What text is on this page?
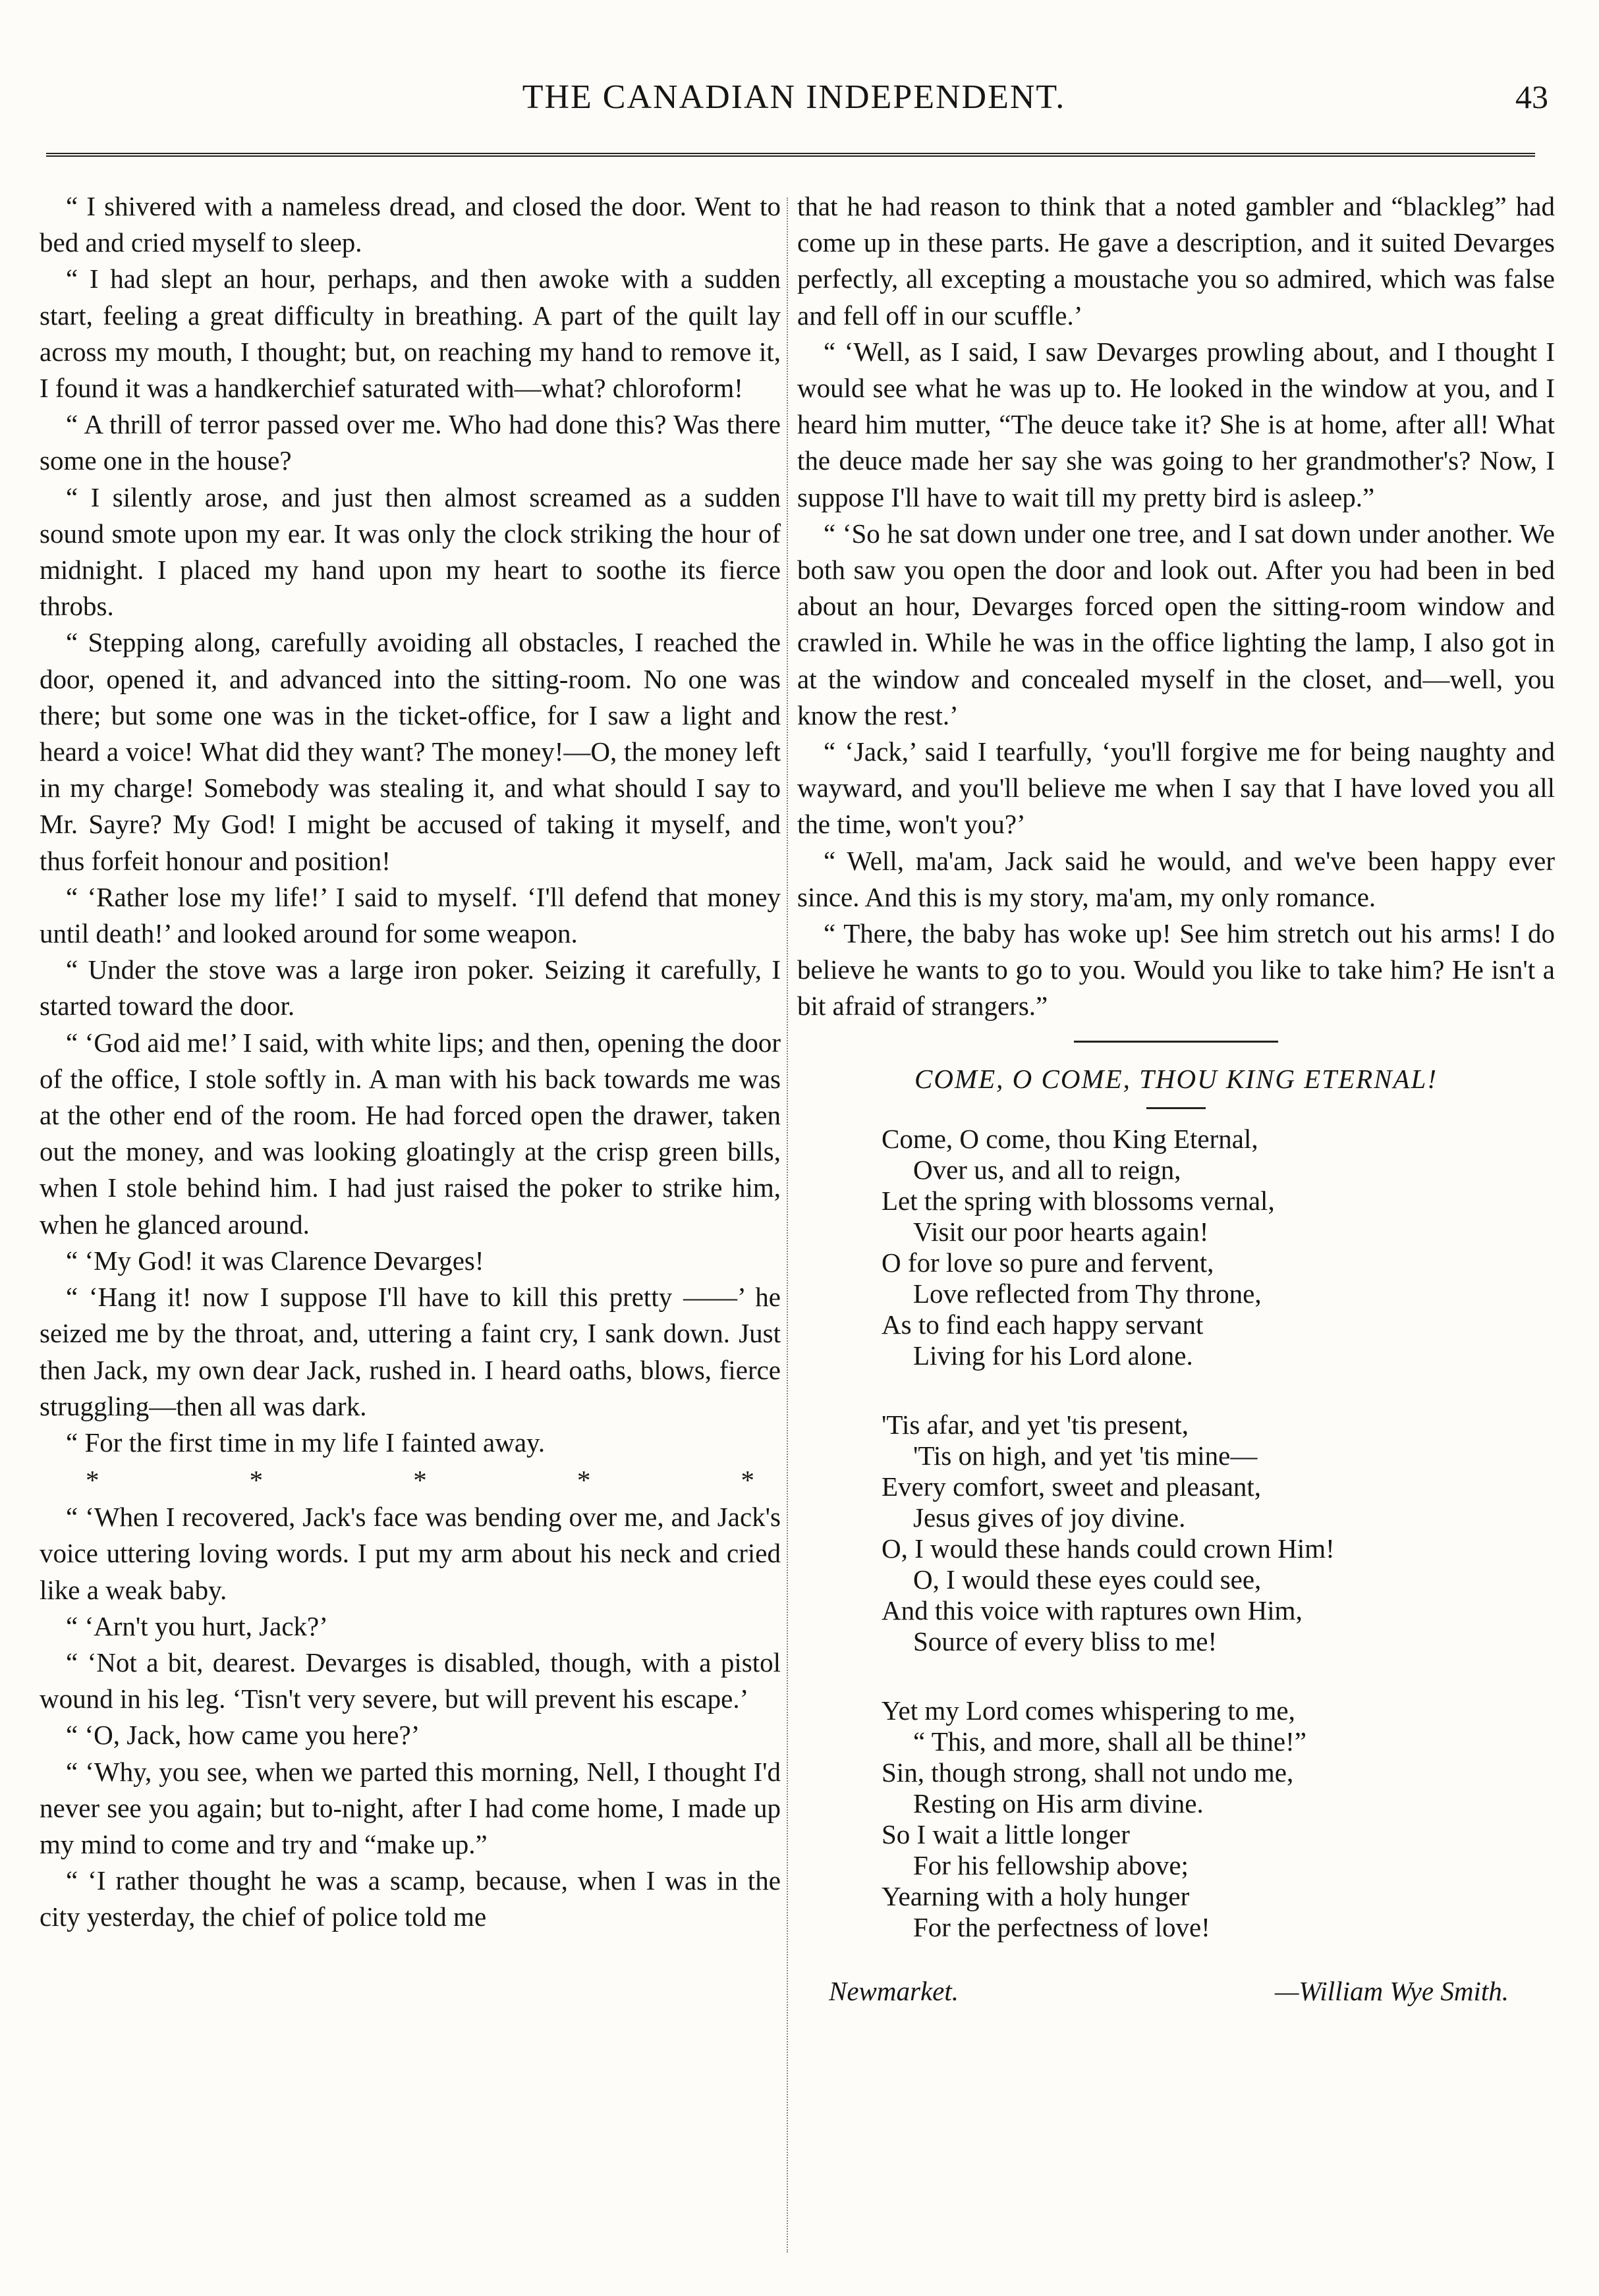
THE CANADIAN INDEPENDENT.	43

“ I shivered with a nameless dread, and closed the door. Went to bed and cried myself to sleep.

“ I had slept an hour, perhaps, and then awoke with a sudden start, feeling a great difficulty in breathing. A part of the quilt lay across my mouth, I thought; but, on reaching my hand to remove it, I found it was a handkerchief saturated with—what? chloroform!

“ A thrill of terror passed over me. Who had done this? Was there some one in the house?

“ I silently arose, and just then almost screamed as a sudden sound smote upon my ear. It was only the clock striking the hour of midnight. I placed my hand upon my heart to soothe its fierce throbs.

“ Stepping along, carefully avoiding all obstacles, I reached the door, opened it, and advanced into the sitting-room. No one was there; but some one was in the ticket-office, for I saw a light and heard a voice! What did they want? The money!—O, the money left in my charge! Somebody was stealing it, and what should I say to Mr. Sayre? My God! I might be accused of taking it myself, and thus forfeit honour and position!

“ ‘Rather lose my life!’ I said to myself. ‘I'll defend that money until death!’ and looked around for some weapon.

“ Under the stove was a large iron poker. Seizing it carefully, I started toward the door.

“ ‘God aid me!’ I said, with white lips; and then, opening the door of the office, I stole softly in. A man with his back towards me was at the other end of the room. He had forced open the drawer, taken out the money, and was looking gloatingly at the crisp green bills, when I stole behind him. I had just raised the poker to strike him, when he glanced around.

“ ‘My God! it was Clarence Devarges!

“ ‘Hang it! now I suppose I'll have to kill this pretty ——’ he seized me by the throat, and, uttering a faint cry, I sank down. Just then Jack, my own dear Jack, rushed in. I heard oaths, blows, fierce struggling—then all was dark.

“ For the first time in my life I fainted away.

*	*	*	*	*

“ ‘When I recovered, Jack's face was bending over me, and Jack's voice uttering loving words. I put my arm about his neck and cried like a weak baby.

“ ‘Arn't you hurt, Jack?’

“ ‘Not a bit, dearest. Devarges is disabled, though, with a pistol wound in his leg. ‘Tisn't very severe, but will prevent his escape.’

“ ‘O, Jack, how came you here?’

“ ‘Why, you see, when we parted this morning, Nell, I thought I'd never see you again; but to-night, after I had come home, I made up my mind to come and try and “make up.”

“ ‘I rather thought he was a scamp, because, when I was in the city yesterday, the chief of police told me

that he had reason to think that a noted gambler and “blackleg” had come up in these parts. He gave a description, and it suited Devarges perfectly, all excepting a moustache you so admired, which was false and fell off in our scuffle.’

“ ‘Well, as I said, I saw Devarges prowling about, and I thought I would see what he was up to. He looked in the window at you, and I heard him mutter, “The deuce take it? She is at home, after all! What the deuce made her say she was going to her grandmother's? Now, I suppose I'll have to wait till my pretty bird is asleep.”

“ ‘So he sat down under one tree, and I sat down under another. We both saw you open the door and look out. After you had been in bed about an hour, Devarges forced open the sitting-room window and crawled in. While he was in the office lighting the lamp, I also got in at the window and concealed myself in the closet, and—well, you know the rest.’

“ ‘Jack,’ said I tearfully, ‘you'll forgive me for being naughty and wayward, and you'll believe me when I say that I have loved you all the time, won't you?’

“ Well, ma'am, Jack said he would, and we've been happy ever since. And this is my story, ma'am, my only romance.

“ There, the baby has woke up! See him stretch out his arms! I do believe he wants to go to you. Would you like to take him? He isn't a bit afraid of strangers.”

COME, O COME, THOU KING ETERNAL!

Come, O come, thou King Eternal,
Over us, and all to reign,
Let the spring with blossoms vernal,
Visit our poor hearts again!
O for love so pure and fervent,
Love reflected from Thy throne,
As to find each happy servant
Living for his Lord alone.
'Tis afar, and yet 'tis present,
'Tis on high, and yet 'tis mine—
Every comfort, sweet and pleasant,
Jesus gives of joy divine.
O, I would these hands could crown Him!
O, I would these eyes could see,
And this voice with raptures own Him,
Source of every bliss to me!
Yet my Lord comes whispering to me,
“ This, and more, shall all be thine!”
Sin, though strong, shall not undo me,
Resting on His arm divine.
So I wait a little longer
For his fellowship above;
Yearning with a holy hunger
For the perfectness of love!
Newmarket.	—William Wye Smith.
